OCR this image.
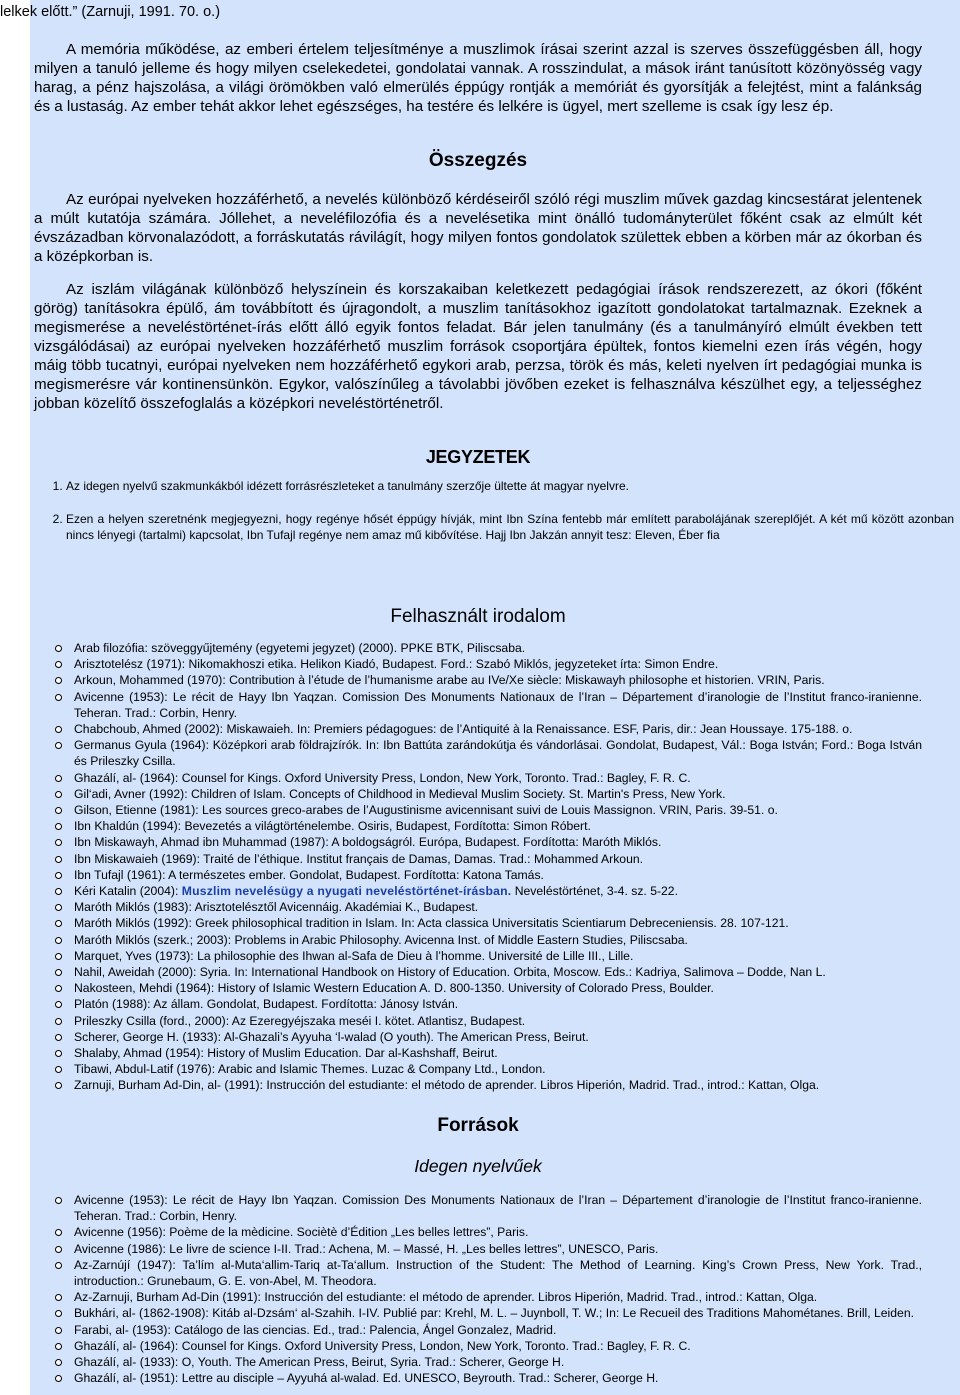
lelkek előtt.” (Zarnuji, 1991. 70. o.)

A memória működése, az emberi értelem teljesítménye a muszlimok írásai szerint azzal is szerves összefüggésben áll, hogy milyen a tanuló jelleme és hogy milyen cselekedetei, gondolatai vannak. A rosszindulat, a mások iránt tanúsított közönyösség vagy harag, a pénz hajszolása, a világi örömökben való elmerülés éppúgy rontják a memóriát és gyorsítják a felejtést, mint a falánkság és a lustaság. Az ember tehát akkor lehet egészséges, ha testére és lelkére is ügyel, mert szelleme is csak így lesz ép.

Összegzés

Az európai nyelveken hozzáférhető, a nevelés különböző kérdéseiről szóló régi muszlim művek gazdag kincsestárat jelentenek a múlt kutatója számára. Jóllehet, a neveléfilozófia és a nevelésetika mint önálló tudományterület főként csak az elmúlt két évszázadban körvonalazódott, a forráskutatás rávilágít, hogy milyen fontos gondolatok születtek ebben a körben már az ókorban és a középkorban is.

Az iszlám világának különböző helyszínein és korszakaiban keletkezett pedagógiai írások rendszerezett, az ókori (főként görög) tanításokra épülő, ám továbbított és újragondolt, a muszlim tanításokhoz igazított gondolatokat tartalmaznak. Ezeknek a megismerése a neveléstörténet-írás előtt álló egyik fontos feladat. Bár jelen tanulmány (és a tanulmányíró elmúlt években tett vizsgálódásai) az európai nyelveken hozzáférhető muszlim források csoportjára épültek, fontos kiemelni ezen írás végén, hogy máig több tucatnyi, európai nyelveken nem hozzáférhető egykori arab, perzsa, török és más, keleti nyelven írt pedagógiai munka is megismerésre vár kontinensünkön. Egykor, valószínűleg a távolabbi jövőben ezeket is felhasználva készülhet egy, a teljességhez jobban közelítő összefoglalás a középkori neveléstörténetről.

JEGYZETEK
1. Az idegen nyelvű szakmunkákból idézett forrásrészleteket a tanulmány szerzője ültette át magyar nyelvre.
2. Ezen a helyen szeretnénk megjegyezni, hogy regénye hősét éppúgy hívják, mint Ibn Szína fentebb már említett parabolájának szereplőjét. A két mű között azonban nincs lényegi (tartalmi) kapcsolat, Ibn Tufajl regénye nem amaz mű kibővítése. Hajj Ibn Jakzán annyit tesz: Eleven, Éber fia
Felhasznált irodalom
Arab filozófia: szöveggyűjtemény (egyetemi jegyzet) (2000). PPKE BTK, Piliscsaba.
Arisztotelész (1971): Nikomakhoszi etika. Helikon Kiadó, Budapest. Ford.: Szabó Miklós, jegyzeteket írta: Simon Endre.
Arkoun, Mohammed (1970): Contribution à l’étude de l’humanisme arabe au IVe/Xe siècle: Miskawayh philosophe et historien. VRIN, Paris.
Avicenne (1953): Le récit de Hayy Ibn Yaqzan. Comission Des Monuments Nationaux de l’Iran – Département d’iranologie de l’Institut franco-iranienne. Teheran. Trad.: Corbin, Henry.
Chabchoub, Ahmed (2002): Miskawaieh. In: Premiers pédagogues: de l’Antiquité à la Renaissance. ESF, Paris, dir.: Jean Houssaye. 175-188. o.
Germanus Gyula (1964): Középkori arab földrajzírók. In: Ibn Battúta zarándokútja és vándorlásai. Gondolat, Budapest, Vál.: Boga István; Ford.: Boga István és Prileszky Csilla.
Ghazálí, al- (1964): Counsel for Kings. Oxford University Press, London, New York, Toronto. Trad.: Bagley, F. R. C.
Gil‘adi, Avner (1992): Children of Islam. Concepts of Childhood in Medieval Muslim Society. St. Martin's Press, New York.
Gilson, Etienne (1981): Les sources greco-arabes de l’Augustinisme avicennisant suivi de Louis Massignon. VRIN, Paris. 39-51. o.
Ibn Khaldún (1994): Bevezetés a világtörténelembe. Osiris, Budapest, Fordította: Simon Róbert.
Ibn Miskawayh, Ahmad ibn Muhammad (1987): A boldogságról. Európa, Budapest. Fordította: Maróth Miklós.
Ibn Miskawaieh (1969): Traité de l’éthique. Institut français de Damas, Damas. Trad.: Mohammed Arkoun.
Ibn Tufajl (1961): A természetes ember. Gondolat, Budapest. Fordította: Katona Tamás.
Kéri Katalin (2004): Muszlim nevelésügy a nyugati neveléstörténet-írásban. Neveléstörténet, 3-4. sz. 5-22.
Maróth Miklós (1983): Arisztotelésztől Avicennáig. Akadémiai K., Budapest.
Maróth Miklós (1992): Greek philosophical tradition in Islam. In: Acta classica Universitatis Scientiarum Debreceniensis. 28. 107-121.
Maróth Miklós (szerk.; 2003): Problems in Arabic Philosophy. Avicenna Inst. of Middle Eastern Studies, Piliscsaba.
Marquet, Yves (1973): La philosophie des Ihwan al-Safa de Dieu à l’homme. Université de Lille III., Lille.
Nahil, Aweidah (2000): Syria. In: International Handbook on History of Education. Orbita, Moscow. Eds.: Kadriya, Salimova – Dodde, Nan L.
Nakosteen, Mehdi (1964): History of Islamic Western Education A. D. 800-1350. University of Colorado Press, Boulder.
Platón (1988): Az állam. Gondolat, Budapest. Fordította: Jánosy István.
Prileszky Csilla (ford., 2000): Az Ezeregyéjszaka meséi I. kötet. Atlantisz, Budapest.
Scherer, George H. (1933): Al-Ghazali’s Ayyuha ‘l-walad (O youth). The American Press, Beirut.
Shalaby, Ahmad (1954): History of Muslim Education. Dar al-Kashshaff, Beirut.
Tibawi, Abdul-Latif (1976): Arabic and Islamic Themes. Luzac & Company Ltd., London.
Zarnuji, Burham Ad-Din, al- (1991): Instrucción del estudiante: el método de aprender. Libros Hiperión, Madrid. Trad., introd.: Kattan, Olga.
Források
Idegen nyelvűek
Avicenne (1953): Le récit de Hayy Ibn Yaqzan. Comission Des Monuments Nationaux de l’Iran – Département d’iranologie de l’Institut franco-iranienne. Teheran. Trad.: Corbin, Henry.
Avicenne (1956): Poème de la mèdicine. Sociètè d’Édition „Les belles lettres”, Paris.
Avicenne (1986): Le livre de science I-II. Trad.: Achena, M. – Massé, H. „Les belles lettres”, UNESCO, Paris.
Az-Zarnújí (1947): Ta’lím al-Muta‘allim-Tariq at-Ta‘allum. Instruction of the Student: The Method of Learning. King’s Crown Press, New York. Trad., introduction.: Grunebaum, G. E. von-Abel, M. Theodora.
Az-Zarnuji, Burham Ad-Din (1991): Instrucción del estudiante: el método de aprender. Libros Hiperión, Madrid. Trad., introd.: Kattan, Olga.
Bukhári, al- (1862-1908): Kitáb al-Dzsám‘ al-Szahih. I-IV. Publié par: Krehl, M. L. – Juynboll, T. W.; In: Le Recueil des Traditions Mahométanes. Brill, Leiden.
Farabi, al- (1953): Catálogo de las ciencias. Ed., trad.: Palencia, Ángel Gonzalez, Madrid.
Ghazálí, al- (1964): Counsel for Kings. Oxford University Press, London, New York, Toronto. Trad.: Bagley, F. R. C.
Ghazálí, al- (1933): O, Youth. The American Press, Beirut, Syria. Trad.: Scherer, George H.
Ghazálí, al- (1951): Lettre au disciple – Ayyuhá al-walad. Ed. UNESCO, Beyrouth. Trad.: Scherer, George H.
